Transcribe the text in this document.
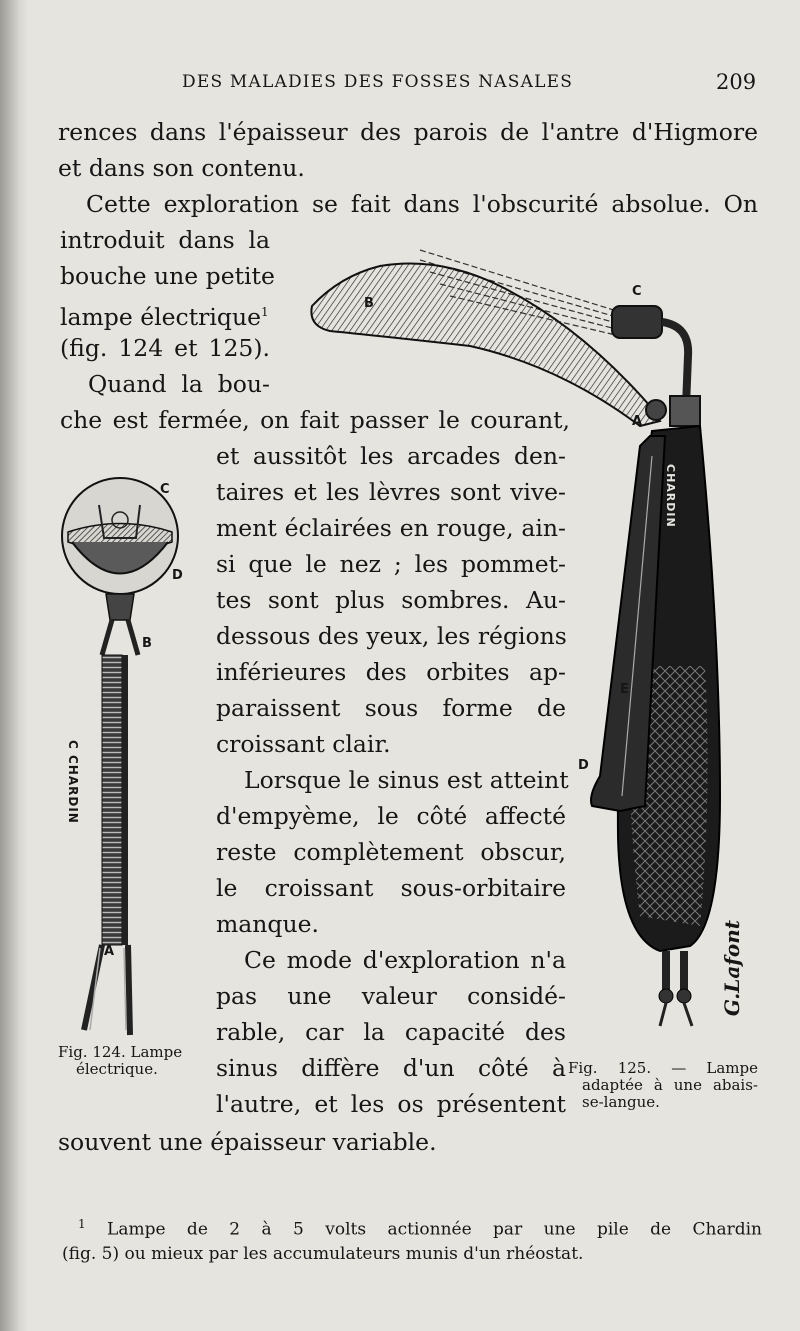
DES MALADIES DES FOSSES NASALES	209
rences dans l'épaisseur des parois de l'antre d'Higmore
et dans son contenu.
Cette exploration se fait dans l'obscurité absolue. On
introduit dans la
bouche une petite
lampe électrique$^1$
(fig. 124 et 125).
Quand la bou-
che est fermée, on fait passer le courant,
et aussitôt les arcades den-
taires et les lèvres sont vive-
ment éclairées en rouge, ain-
si que le nez ; les pommet-
tes sont plus sombres. Au-
dessous des yeux, les régions
inférieures des orbites ap-
paraissent sous forme de
croissant clair.
Lorsque le sinus est atteint
d'empyème, le côté affecté
reste complètement obscur,
le croissant sous-orbitaire
manque.
Ce mode d'exploration n'a
pas une valeur considé-
rable, car la capacité des
sinus diffère d'un côté à
l'autre, et les os présentent
souvent une épaisseur variable.
C
D
B
A
C CHARDIN
Fig. 124. Lampe
électrique.
C
B
A
D
E
CHARDIN
G.Lafont
Fig. 125. — Lampe
adaptée à une abais-
se-langue.
$^1$ Lampe de 2 à 5 volts actionnée par une pile de Chardin
(fig. 5) ou mieux par les accumulateurs munis d'un rhéostat.
